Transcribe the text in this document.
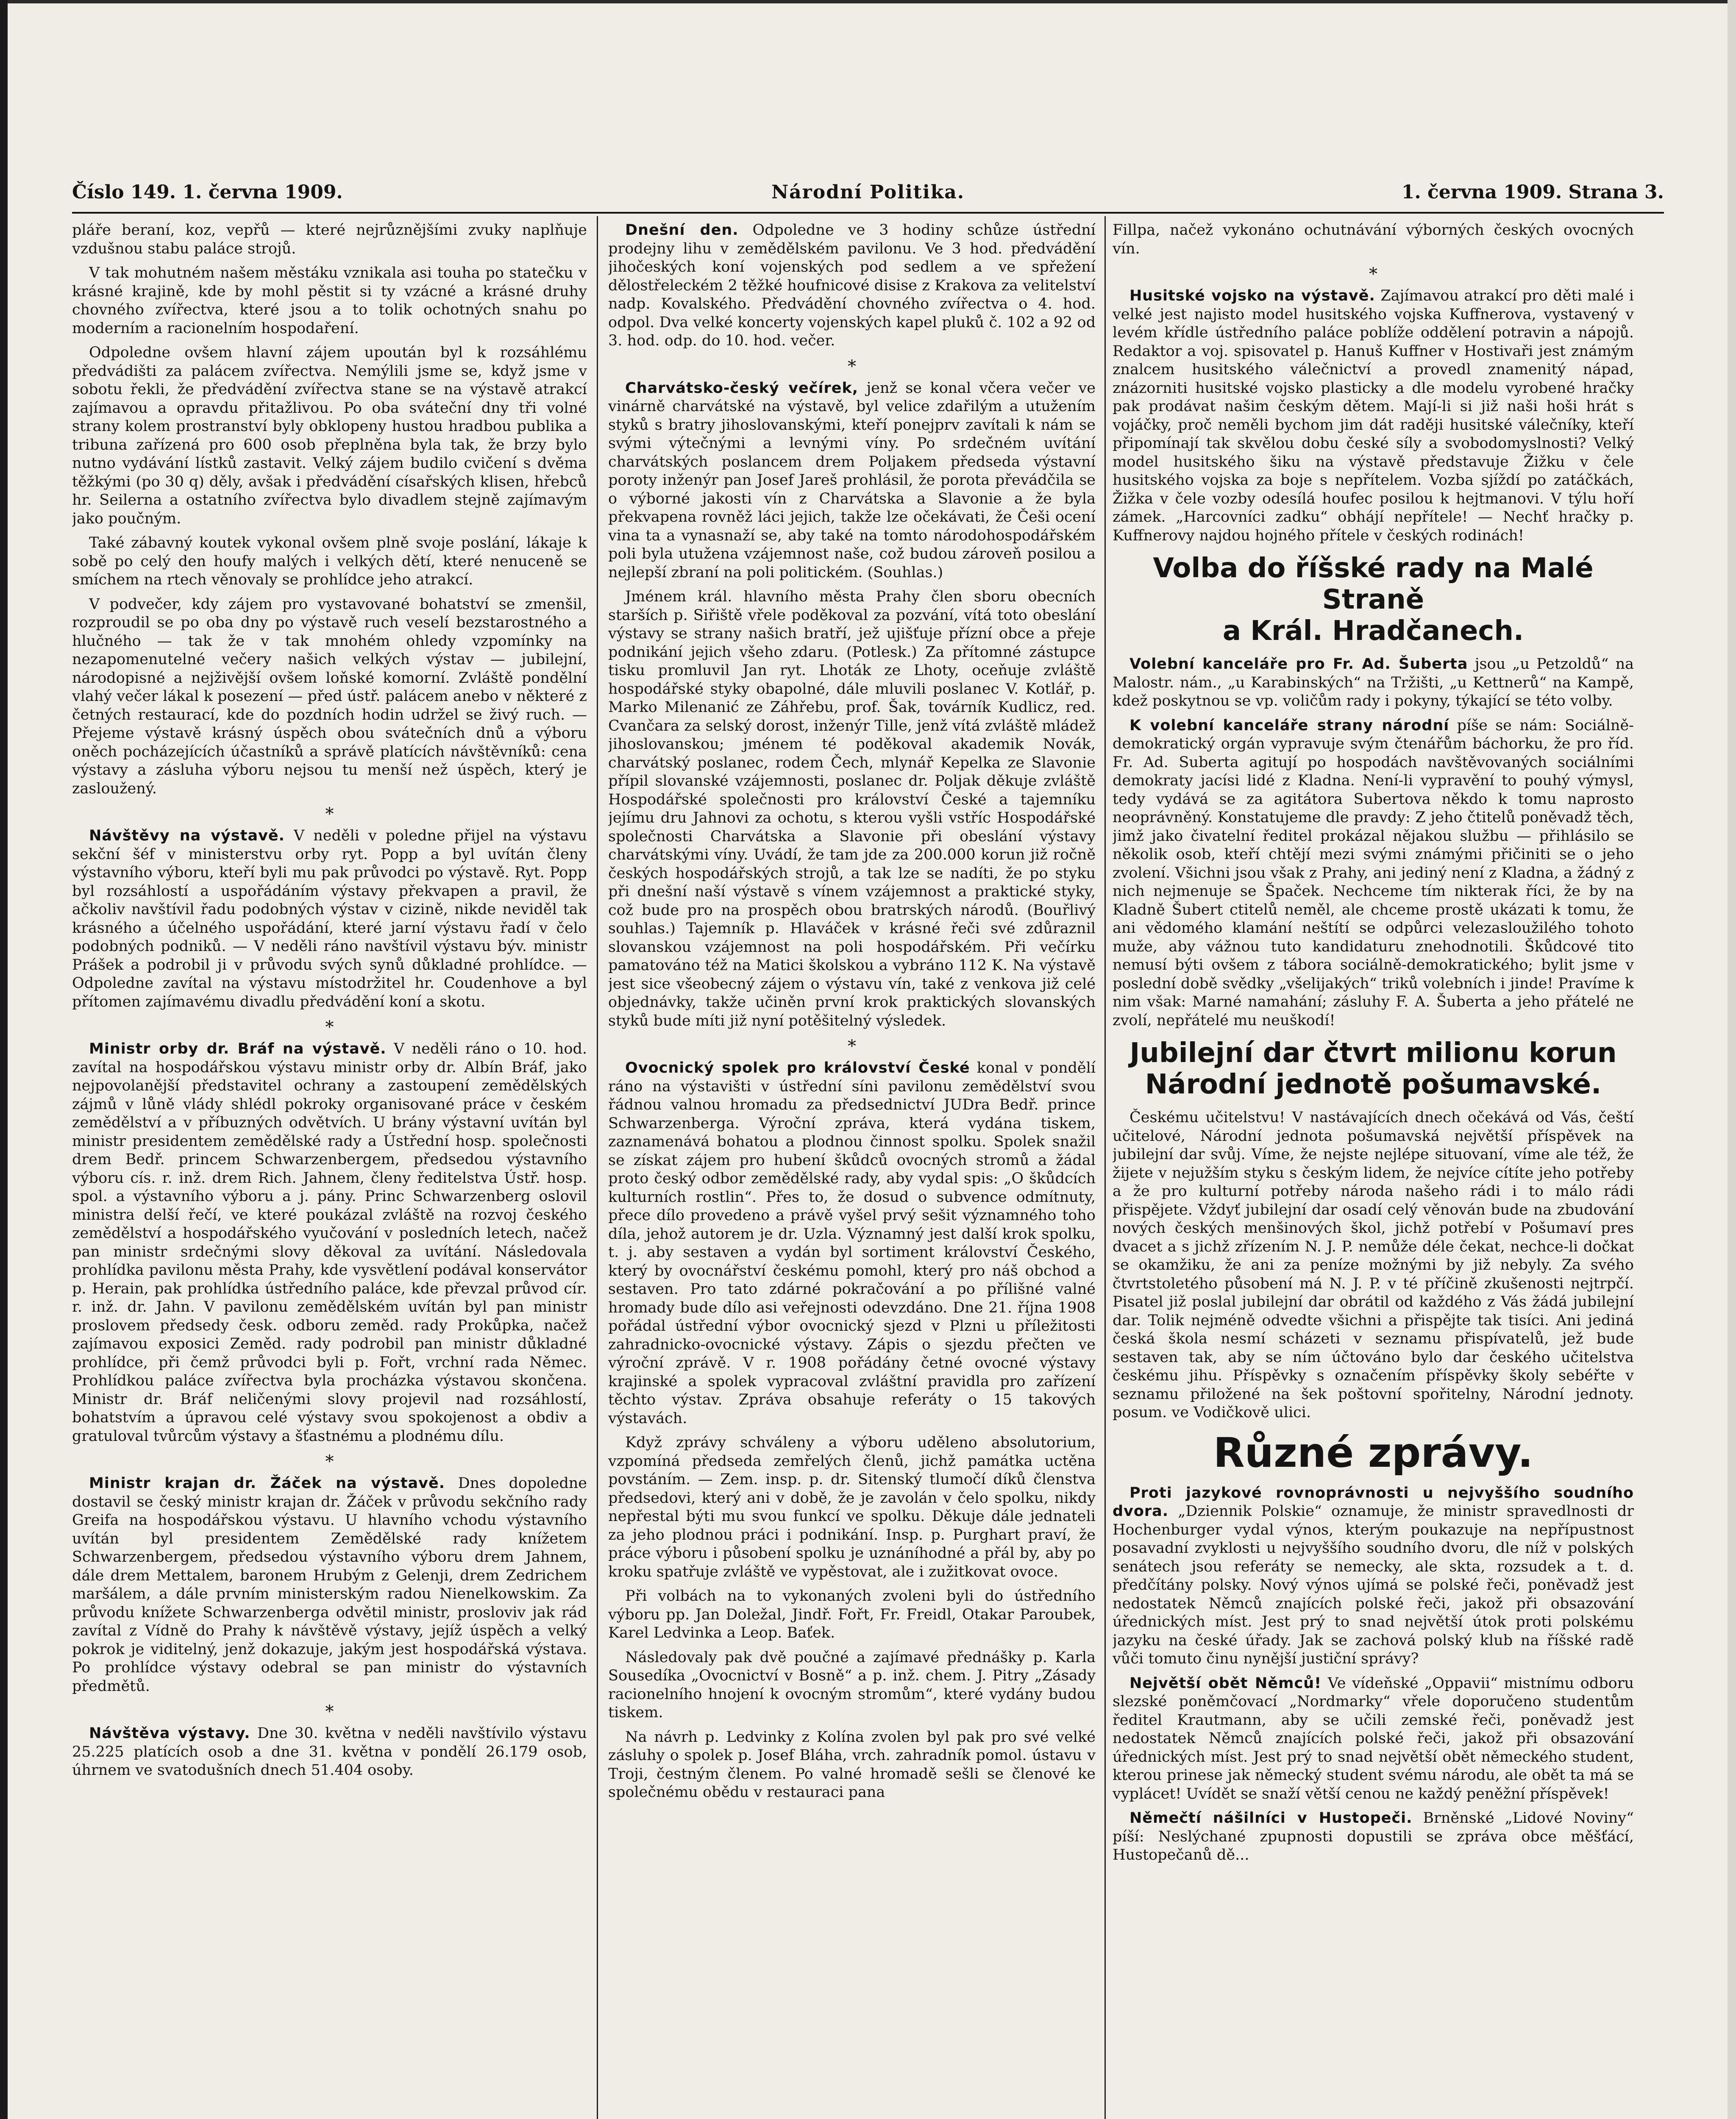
Číslo 149. 1. června 1909.	Národní Politika.	1. června 1909. Strana 3.

pláře beraní, koz, vepřů — které nejrůznějšími zvuky naplňuje vzdušnou stabu paláce strojů.

V tak mohutném našem městáku vznikala asi touha po statečku v krásné krajině, kde by mohl pěstit si ty vzácné a krásné druhy chovného zvířectva, které jsou a to tolik ochotných snahu po moderním a racionelním hospodaření.

Odpoledne ovšem hlavní zájem upoután byl k rozsáhlému předvádišti za palácem zvířectva. Nemýlili jsme se, když jsme v sobotu řekli, že předvádění zvířectva stane se na výstavě atrakcí zajímavou a opravdu přitažlivou. Po oba sváteční dny tři volné strany kolem prostranství byly obklopeny hustou hradbou publika a tribuna zařízená pro 600 osob přeplněna byla tak, že brzy bylo nutno vydávání lístků zastavit. Velký zájem budilo cvičení s dvěma těžkými (po 30 q) děly, avšak i předvádění císařských klisen, hřebců hr. Seilerna a ostatního zvířectva bylo divadlem stejně zajímavým jako poučným.

Také zábavný koutek vykonal ovšem plně svoje poslání, lákaje k sobě po celý den houfy malých i velkých dětí, které nenuceně se smíchem na rtech věnovaly se prohlídce jeho atrakcí.

V podvečer, kdy zájem pro vystavované bohatství se zmenšil, rozproudil se po oba dny po výstavě ruch veselí bezstarostného a hlučného — tak že v tak mnohém ohledy vzpomínky na nezapomenutelné večery našich velkých výstav — jubilejní, národopisné a nejživější ovšem loňské komorní. Zvláště pondělní vlahý večer lákal k posezení — před ústř. palácem anebo v některé z četných restaurací, kde do pozdních hodin udržel se živý ruch. — Přejeme výstavě krásný úspěch obou svátečních dnů a výboru oněch pocházejících účastníků a správě platících návštěvníků: cena výstavy a zásluha výboru nejsou tu menší než úspěch, který je zasloužený.

*

Návštěvy na výstavě. V neděli v poledne přijel na výstavu sekční šéf v ministerstvu orby ryt. Popp a byl uvítán členy výstavního výboru, kteří byli mu pak průvodci po výstavě. Ryt. Popp byl rozsáhlostí a uspořádáním výstavy překvapen a pravil, že ačkoliv navštívil řadu podobných výstav v cizině, nikde neviděl tak krásného a účelného uspořádání, které jarní výstavu řadí v čelo podobných podniků. — V neděli ráno navštívil výstavu býv. ministr Prášek a podrobil ji v průvodu svých synů důkladné prohlídce. — Odpoledne zavítal na výstavu místodržitel hr. Coudenhove a byl přítomen zajímavému divadlu předvádění koní a skotu.

*

Ministr orby dr. Bráf na výstavě. V neděli ráno o 10. hod. zavítal na hospodářskou výstavu ministr orby dr. Albín Bráf, jako nejpovolanější představitel ochrany a zastoupení zemědělských zájmů v lůně vlády shlédl pokroky organisované práce v českém zemědělství a v příbuzných odvětvích. U brány výstavní uvítán byl ministr presidentem zemědělské rady a Ústřední hosp. společnosti drem Bedř. princem Schwarzenbergem, předsedou výstavního výboru cís. r. inž. drem Rich. Jahnem, členy ředitelstva Ústř. hosp. spol. a výstavního výboru a j. pány. Princ Schwarzenberg oslovil ministra delší řečí, ve které poukázal zvláště na rozvoj českého zemědělství a hospodářského vyučování v posledních letech, načež pan ministr srdečnými slovy děkoval za uvítání. Následovala prohlídka pavilonu města Prahy, kde vysvětlení podával konservátor p. Herain, pak prohlídka ústředního paláce, kde převzal průvod cír. r. inž. dr. Jahn. V pavilonu zemědělském uvítán byl pan ministr proslovem předsedy česk. odboru zeměd. rady Prokůpka, načež zajímavou exposici Zeměd. rady podrobil pan ministr důkladné prohlídce, při čemž průvodci byli p. Fořt, vrchní rada Němec. Prohlídkou paláce zvířectva byla procházka výstavou skončena. Ministr dr. Bráf neličenými slovy projevil nad rozsáhlostí, bohatstvím a úpravou celé výstavy svou spokojenost a obdiv a gratuloval tvůrcům výstavy a šťastnému a plodnému dílu.

*

Ministr krajan dr. Žáček na výstavě. Dnes dopoledne dostavil se český ministr krajan dr. Žáček v průvodu sekčního rady Greifa na hospodářskou výstavu. U hlavního vchodu výstavního uvítán byl presidentem Zemědělské rady knížetem Schwarzenbergem, předsedou výstavního výboru drem Jahnem, dále drem Mettalem, baronem Hrubým z Gelenji, drem Zedrichem maršálem, a dále prvním ministerským radou Nienelkowskim. Za průvodu knížete Schwarzenberga odvětil ministr, prosloviv jak rád zavítal z Vídně do Prahy k návštěvě výstavy, jejíž úspěch a velký pokrok je viditelný, jenž dokazuje, jakým jest hospodářská výstava. Po prohlídce výstavy odebral se pan ministr do výstavních předmětů.

*

Návštěva výstavy. Dne 30. května v neděli navštívilo výstavu 25.225 platících osob a dne 31. května v pondělí 26.179 osob, úhrnem ve svatodušních dnech 51.404 osoby.

Dnešní den. Odpoledne ve 3 hodiny schůze ústřední prodejny lihu v zemědělském pavilonu. Ve 3 hod. předvádění jihočeských koní vojenských pod sedlem a ve spřežení dělostřeleckém 2 těžké houfnicové disise z Krakova za velitelství nadp. Kovalského. Předvádění chovného zvířectva o 4. hod. odpol. Dva velké koncerty vojenských kapel pluků č. 102 a 92 od 3. hod. odp. do 10. hod. večer.

*

Charvátsko-český večírek, jenž se konal včera večer ve vinárně charvátské na výstavě, byl velice zdařilým a utužením styků s bratry jihoslovanskými, kteří ponejprv zavítali k nám se svými výtečnými a levnými víny. Po srdečném uvítání charvátských poslancem drem Poljakem předseda výstavní poroty inženýr pan Josef Jareš prohlásil, že porota převádčila se o výborné jakosti vín z Charvátska a Slavonie a že byla překvapena rovněž láci jejich, takže lze očekávati, že Češi ocení vina ta a vynasnaží se, aby také na tomto národohospodářském poli byla utužena vzájemnost naše, což budou zároveň posilou a nejlepší zbraní na poli politickém. (Souhlas.)

Jménem král. hlavního města Prahy člen sboru obecních starších p. Siřiště vřele poděkoval za pozvání, vítá toto obeslání výstavy se strany našich bratří, jež ujišťuje přízní obce a přeje podnikání jejich všeho zdaru. (Potlesk.) Za přítomné zástupce tisku promluvil Jan ryt. Lhoták ze Lhoty, oceňuje zvláště hospodářské styky obapolné, dále mluvili poslanec V. Kotlář, p. Marko Milenanić ze Záhřebu, prof. Šak, továrník Kudlicz, red. Cvančara za selský dorost, inženýr Tille, jenž vítá zvláště mládež jihoslovanskou; jménem té poděkoval akademik Novák, charvátský poslanec, rodem Čech, mlynář Kepelka ze Slavonie přípil slovanské vzájemnosti, poslanec dr. Poljak děkuje zvláště Hospodářské společnosti pro království České a tajemníku jejímu dru Jahnovi za ochotu, s kterou vyšli vstříc Hospodářské společnosti Charvátska a Slavonie při obeslání výstavy charvátskými víny. Uvádí, že tam jde za 200.000 korun již ročně českých hospodářských strojů, a tak lze se nadíti, že po styku při dnešní naší výstavě s vínem vzájemnost a praktické styky, což bude pro na prospěch obou bratrských národů. (Bouřlivý souhlas.) Tajemník p. Hlaváček v krásné řeči své zdůraznil slovanskou vzájemnost na poli hospodářském. Při večírku pamatováno též na Matici školskou a vybráno 112 K. Na výstavě jest sice všeobecný zájem o výstavu vín, také z venkova již celé objednávky, takže učiněn první krok praktických slovanských styků bude míti již nyní potěšitelný výsledek.

*

Ovocnický spolek pro království České konal v pondělí ráno na výstavišti v ústřední síni pavilonu zemědělství svou řádnou valnou hromadu za předsednictví JUDra Bedř. prince Schwarzenberga. Výroční zpráva, která vydána tiskem, zaznamenává bohatou a plodnou činnost spolku. Spolek snažil se získat zájem pro hubení škůdců ovocných stromů a žádal proto český odbor zemědělské rady, aby vydal spis: „O škůdcích kulturních rostlin“. Přes to, že dosud o subvence odmítnuty, přece dílo provedeno a právě vyšel prvý sešit významného toho díla, jehož autorem je dr. Uzla. Významný jest další krok spolku, t. j. aby sestaven a vydán byl sortiment království Českého, který by ovocnářství českému pomohl, který pro náš obchod a sestaven. Pro tato zdárné pokračování a po přílišné valné hromady bude dílo asi veřejnosti odevzdáno. Dne 21. října 1908 pořádal ústřední výbor ovocnický sjezd v Plzni u příležitosti zahradnicko-ovocnické výstavy. Zápis o sjezdu přečten ve výroční zprávě. V r. 1908 pořádány četné ovocné výstavy krajinské a spolek vypracoval zvláštní pravidla pro zařízení těchto výstav. Zpráva obsahuje referáty o 15 takových výstavách.

Když zprávy schváleny a výboru uděleno absolutorium, vzpomíná předseda zemřelých členů, jichž památka uctěna povstáním. — Zem. insp. p. dr. Sitenský tlumočí díků členstva předsedovi, který ani v době, že je zavolán v čelo spolku, nikdy nepřestal býti mu svou funkcí ve spolku. Děkuje dále jednateli za jeho plodnou práci i podnikání. Insp. p. Purghart praví, že práce výboru i působení spolku je uznáníhodné a přál by, aby po kroku spatřuje zvláště ve vypěstovat, ale i zužitkovat ovoce.

Při volbách na to vykonaných zvoleni byli do ústředního výboru pp. Jan Doležal, Jindř. Fořt, Fr. Freidl, Otakar Paroubek, Karel Ledvinka a Leop. Baťek.

Následovaly pak dvě poučné a zajímavé přednášky p. Karla Sousedíka „Ovocnictví v Bosně“ a p. inž. chem. J. Pitry „Zásady racionelního hnojení k ovocným stromům“, které vydány budou tiskem.

Na návrh p. Ledvinky z Kolína zvolen byl pak pro své velké zásluhy o spolek p. Josef Bláha, vrch. zahradník pomol. ústavu v Troji, čestným členem. Po valné hromadě sešli se členové ke společnému obědu v restauraci pana

Fillpa, načež vykonáno ochutnávání výborných českých ovocných vín.

*

Husitské vojsko na výstavě. Zajímavou atrakcí pro děti malé i velké jest najisto model husitského vojska Kuffnerova, vystavený v levém křídle ústředního paláce poblíže oddělení potravin a nápojů. Redaktor a voj. spisovatel p. Hanuš Kuffner v Hostivaři jest známým znalcem husitského válečnictví a provedl znamenitý nápad, znázorniti husitské vojsko plasticky a dle modelu vyrobené hračky pak prodávat našim českým dětem. Mají-li si již naši hoši hrát s vojáčky, proč neměli bychom jim dát raději husitské válečníky, kteří připomínají tak skvělou dobu české síly a svobodomyslnosti? Velký model husitského šiku na výstavě představuje Žižku v čele husitského vojska za boje s nepřítelem. Vozba sjíždí po zatáčkách, Žižka v čele vozby odesílá houfec posilou k hejtmanovi. V týlu hoří zámek. „Harcovníci zadku“ obhájí nepřítele! — Nechť hračky p. Kuffnerovy najdou hojného přítele v českých rodinách!

Volba do říšské rady na Malé Straně
a Král. Hradčanech.

Volební kanceláře pro Fr. Ad. Šuberta jsou „u Petzoldů“ na Malostr. nám., „u Karabinských“ na Tržišti, „u Kettnerů“ na Kampě, kdež poskytnou se vp. voličům rady i pokyny, týkající se této volby.

K volební kanceláře strany národní píše se nám: Sociálně-demokratický orgán vypravuje svým čtenářům báchorku, že pro říd. Fr. Ad. Suberta agitují po hospodách navštěvovaných sociálními demokraty jacísi lidé z Kladna. Není-li vypravění to pouhý výmysl, tedy vydává se za agitátora Subertova někdo k tomu naprosto neoprávněný. Konstatujeme dle pravdy: Z jeho čtitelů poněvadž těch, jimž jako čivatelní ředitel prokázal nějakou službu — přihlásilo se několik osob, kteří chtějí mezi svými známými přičiniti se o jeho zvolení. Všichni jsou však z Prahy, ani jediný není z Kladna, a žádný z nich nejmenuje se Špaček. Nechceme tím nikterak říci, že by na Kladně Šubert ctitelů neměl, ale chceme prostě ukázati k tomu, že ani vědomého klamání neštítí se odpůrci velezasloužilého tohoto muže, aby vážnou tuto kandidaturu znehodnotili. Škůdcové tito nemusí býti ovšem z tábora sociálně-demokratického; bylit jsme v poslední době svědky „všelijakých“ triků volebních i jinde! Pravíme k nim však: Marné namahání; zásluhy F. A. Šuberta a jeho přátelé ne zvolí, nepřátelé mu neuškodí!

Jubilejní dar čtvrt milionu korun
Národní jednotě pošumavské.

Českému učitelstvu! V nastávajících dnech očekává od Vás, čeští učitelové, Národní jednota pošumavská největší příspěvek na jubilejní dar svůj. Víme, že nejste nejlépe situovaní, víme ale též, že žijete v nejužším styku s českým lidem, že nejvíce cítíte jeho potřeby a že pro kulturní potřeby národa našeho rádi i to málo rádi přispějete. Vždyť jubilejní dar osadí celý věnován bude na zbudování nových českých menšinových škol, jichž potřebí v Pošumaví pres dvacet a s jichž zřízením N. J. P. nemůže déle čekat, nechce-li dočkat se okamžiku, že ani za peníze možnými by již nebyly. Za svého čtvrtstoletého působení má N. J. P. v té příčině zkušenosti nejtrpčí. Pisatel již poslal jubilejní dar obrátil od každého z Vás žádá jubilejní dar. Tolik nejméně odvedte všichni a přispějte tak tisíci. Ani jediná česká škola nesmí scházeti v seznamu přispívatelů, jež bude sestaven tak, aby se ním účtováno bylo dar českého učitelstva českému jihu. Příspěvky s označením příspěvky školy sebéřte v seznamu přiložené na šek poštovní spořitelny, Národní jednoty. posum. ve Vodičkově ulici.

Různé zprávy.

Proti jazykové rovnoprávnosti u nejvyššího soudního dvora. „Dziennik Polskie“ oznamuje, že ministr spravedlnosti dr Hochenburger vydal výnos, kterým poukazuje na nepřípustnost posavadní zvyklosti u nejvyššího soudního dvoru, dle níž v polských senátech jsou referáty se nemecky, ale skta, rozsudek a t. d. předčítány polsky. Nový výnos ujímá se polské řeči, poněvadž jest nedostatek Němců znajících polské řeči, jakož při obsazování úřednických míst. Jest prý to snad největší útok proti polskému jazyku na české úřady. Jak se zachová polský klub na říšské radě vůči tomuto činu nynější justiční správy?

Největší obět Němců! Ve vídeňské „Oppavii“ mistnímu odboru slezské poněmčovací „Nordmarky“ vřele doporučeno studentům ředitel Krautmann, aby se učili zemské řeči, poněvadž jest nedostatek Němců znajících polské řeči, jakož při obsazování úřednických míst. Jest prý to snad největší obět německého student, kterou prinese jak německý student svému národu, ale obět ta má se vyplácet! Uvídět se snaží větší cenou ne každý peněžní příspěvek!

Němečtí nášilníci v Hustopeči. Brněnské „Lidové Noviny“ píší: Neslýchané zpupnosti dopustili se zpráva obce měšťácí, Hustopečanů dě...
